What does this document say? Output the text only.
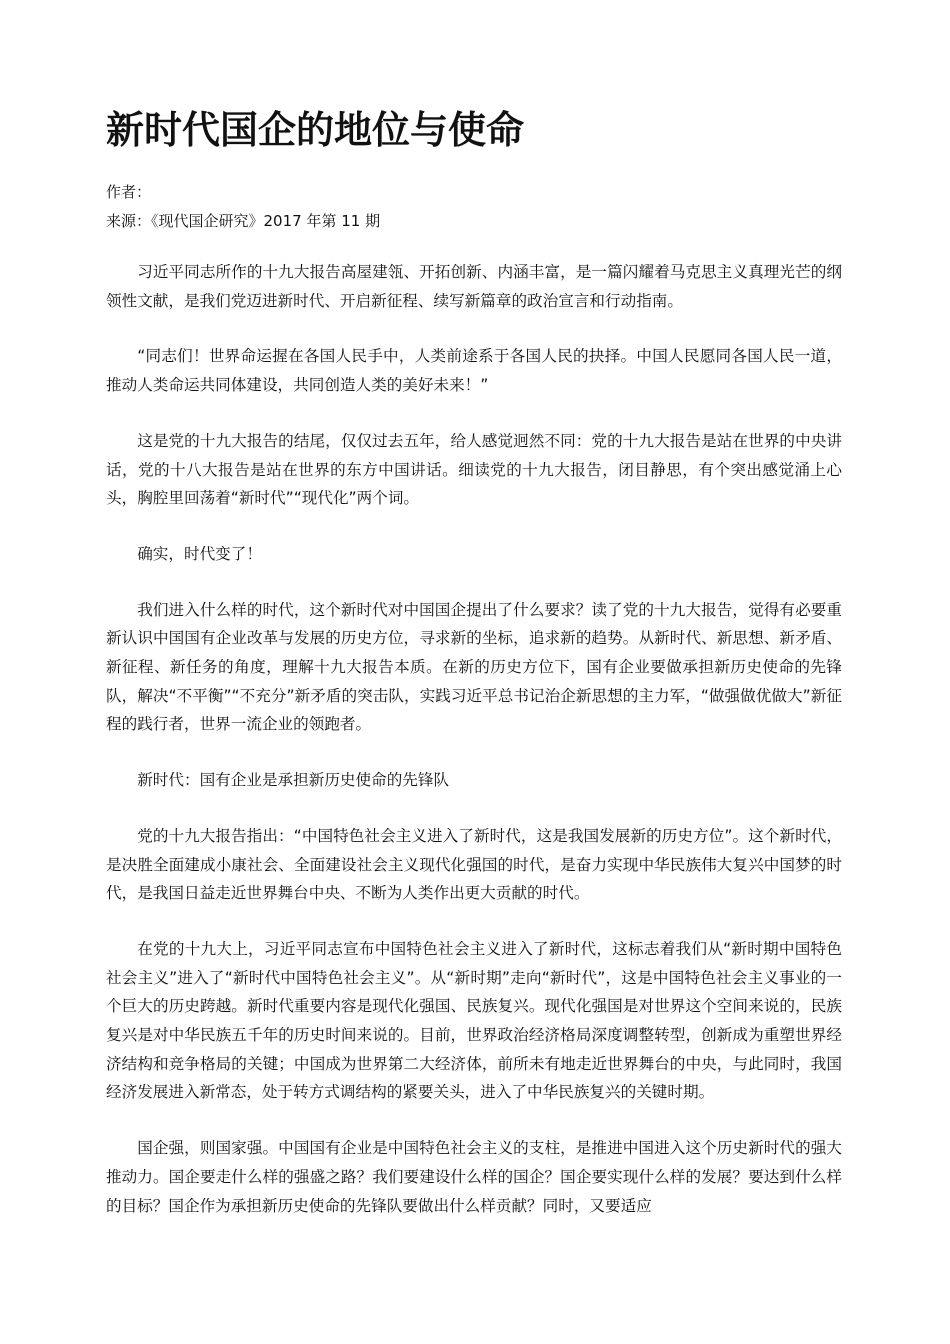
新时代国企的地位与使命
作者：
来源：《现代国企研究》2017 年第 11 期

习近平同志所作的十九大报告高屋建瓴、开拓创新、内涵丰富，是一篇闪耀着马克思主义真理光芒的纲领性文献，是我们党迈进新时代、开启新征程、续写新篇章的政治宣言和行动指南。

“同志们！世界命运握在各国人民手中，人类前途系于各国人民的抉择。中国人民愿同各国人民一道，推动人类命运共同体建设，共同创造人类的美好未来！”

这是党的十九大报告的结尾，仅仅过去五年，给人感觉迥然不同：党的十九大报告是站在世界的中央讲话，党的十八大报告是站在世界的东方中国讲话。细读党的十九大报告，闭目静思，有个突出感觉涌上心头，胸腔里回荡着“新时代”“现代化”两个词。

确实，时代变了！

我们进入什么样的时代，这个新时代对中国国企提出了什么要求？读了党的十九大报告，觉得有必要重新认识中国国有企业改革与发展的历史方位，寻求新的坐标，追求新的趋势。从新时代、新思想、新矛盾、新征程、新任务的角度，理解十九大报告本质。在新的历史方位下，国有企业要做承担新历史使命的先锋队，解决“不平衡”“不充分”新矛盾的突击队，实践习近平总书记治企新思想的主力军，“做强做优做大”新征程的践行者，世界一流企业的领跑者。

新时代：国有企业是承担新历史使命的先锋队

党的十九大报告指出：“中国特色社会主义进入了新时代，这是我国发展新的历史方位”。这个新时代，是决胜全面建成小康社会、全面建设社会主义现代化强国的时代，是奋力实现中华民族伟大复兴中国梦的时代，是我国日益走近世界舞台中央、不断为人类作出更大贡献的时代。

在党的十九大上，习近平同志宣布中国特色社会主义进入了新时代，这标志着我们从“新时期中国特色社会主义”进入了“新时代中国特色社会主义”。从“新时期”走向“新时代”，这是中国特色社会主义事业的一个巨大的历史跨越。新时代重要内容是现代化强国、民族复兴。现代化强国是对世界这个空间来说的，民族复兴是对中华民族五千年的历史时间来说的。目前，世界政治经济格局深度调整转型，创新成为重塑世界经济结构和竞争格局的关键；中国成为世界第二大经济体，前所未有地走近世界舞台的中央，与此同时，我国经济发展进入新常态，处于转方式调结构的紧要关头，进入了中华民族复兴的关键时期。

国企强，则国家强。中国国有企业是中国特色社会主义的支柱，是推进中国进入这个历史新时代的强大推动力。国企要走什么样的强盛之路？我们要建设什么样的国企？国企要实现什么样的发展？要达到什么样的目标？国企作为承担新历史使命的先锋队要做出什么样贡献？同时，又要适应
